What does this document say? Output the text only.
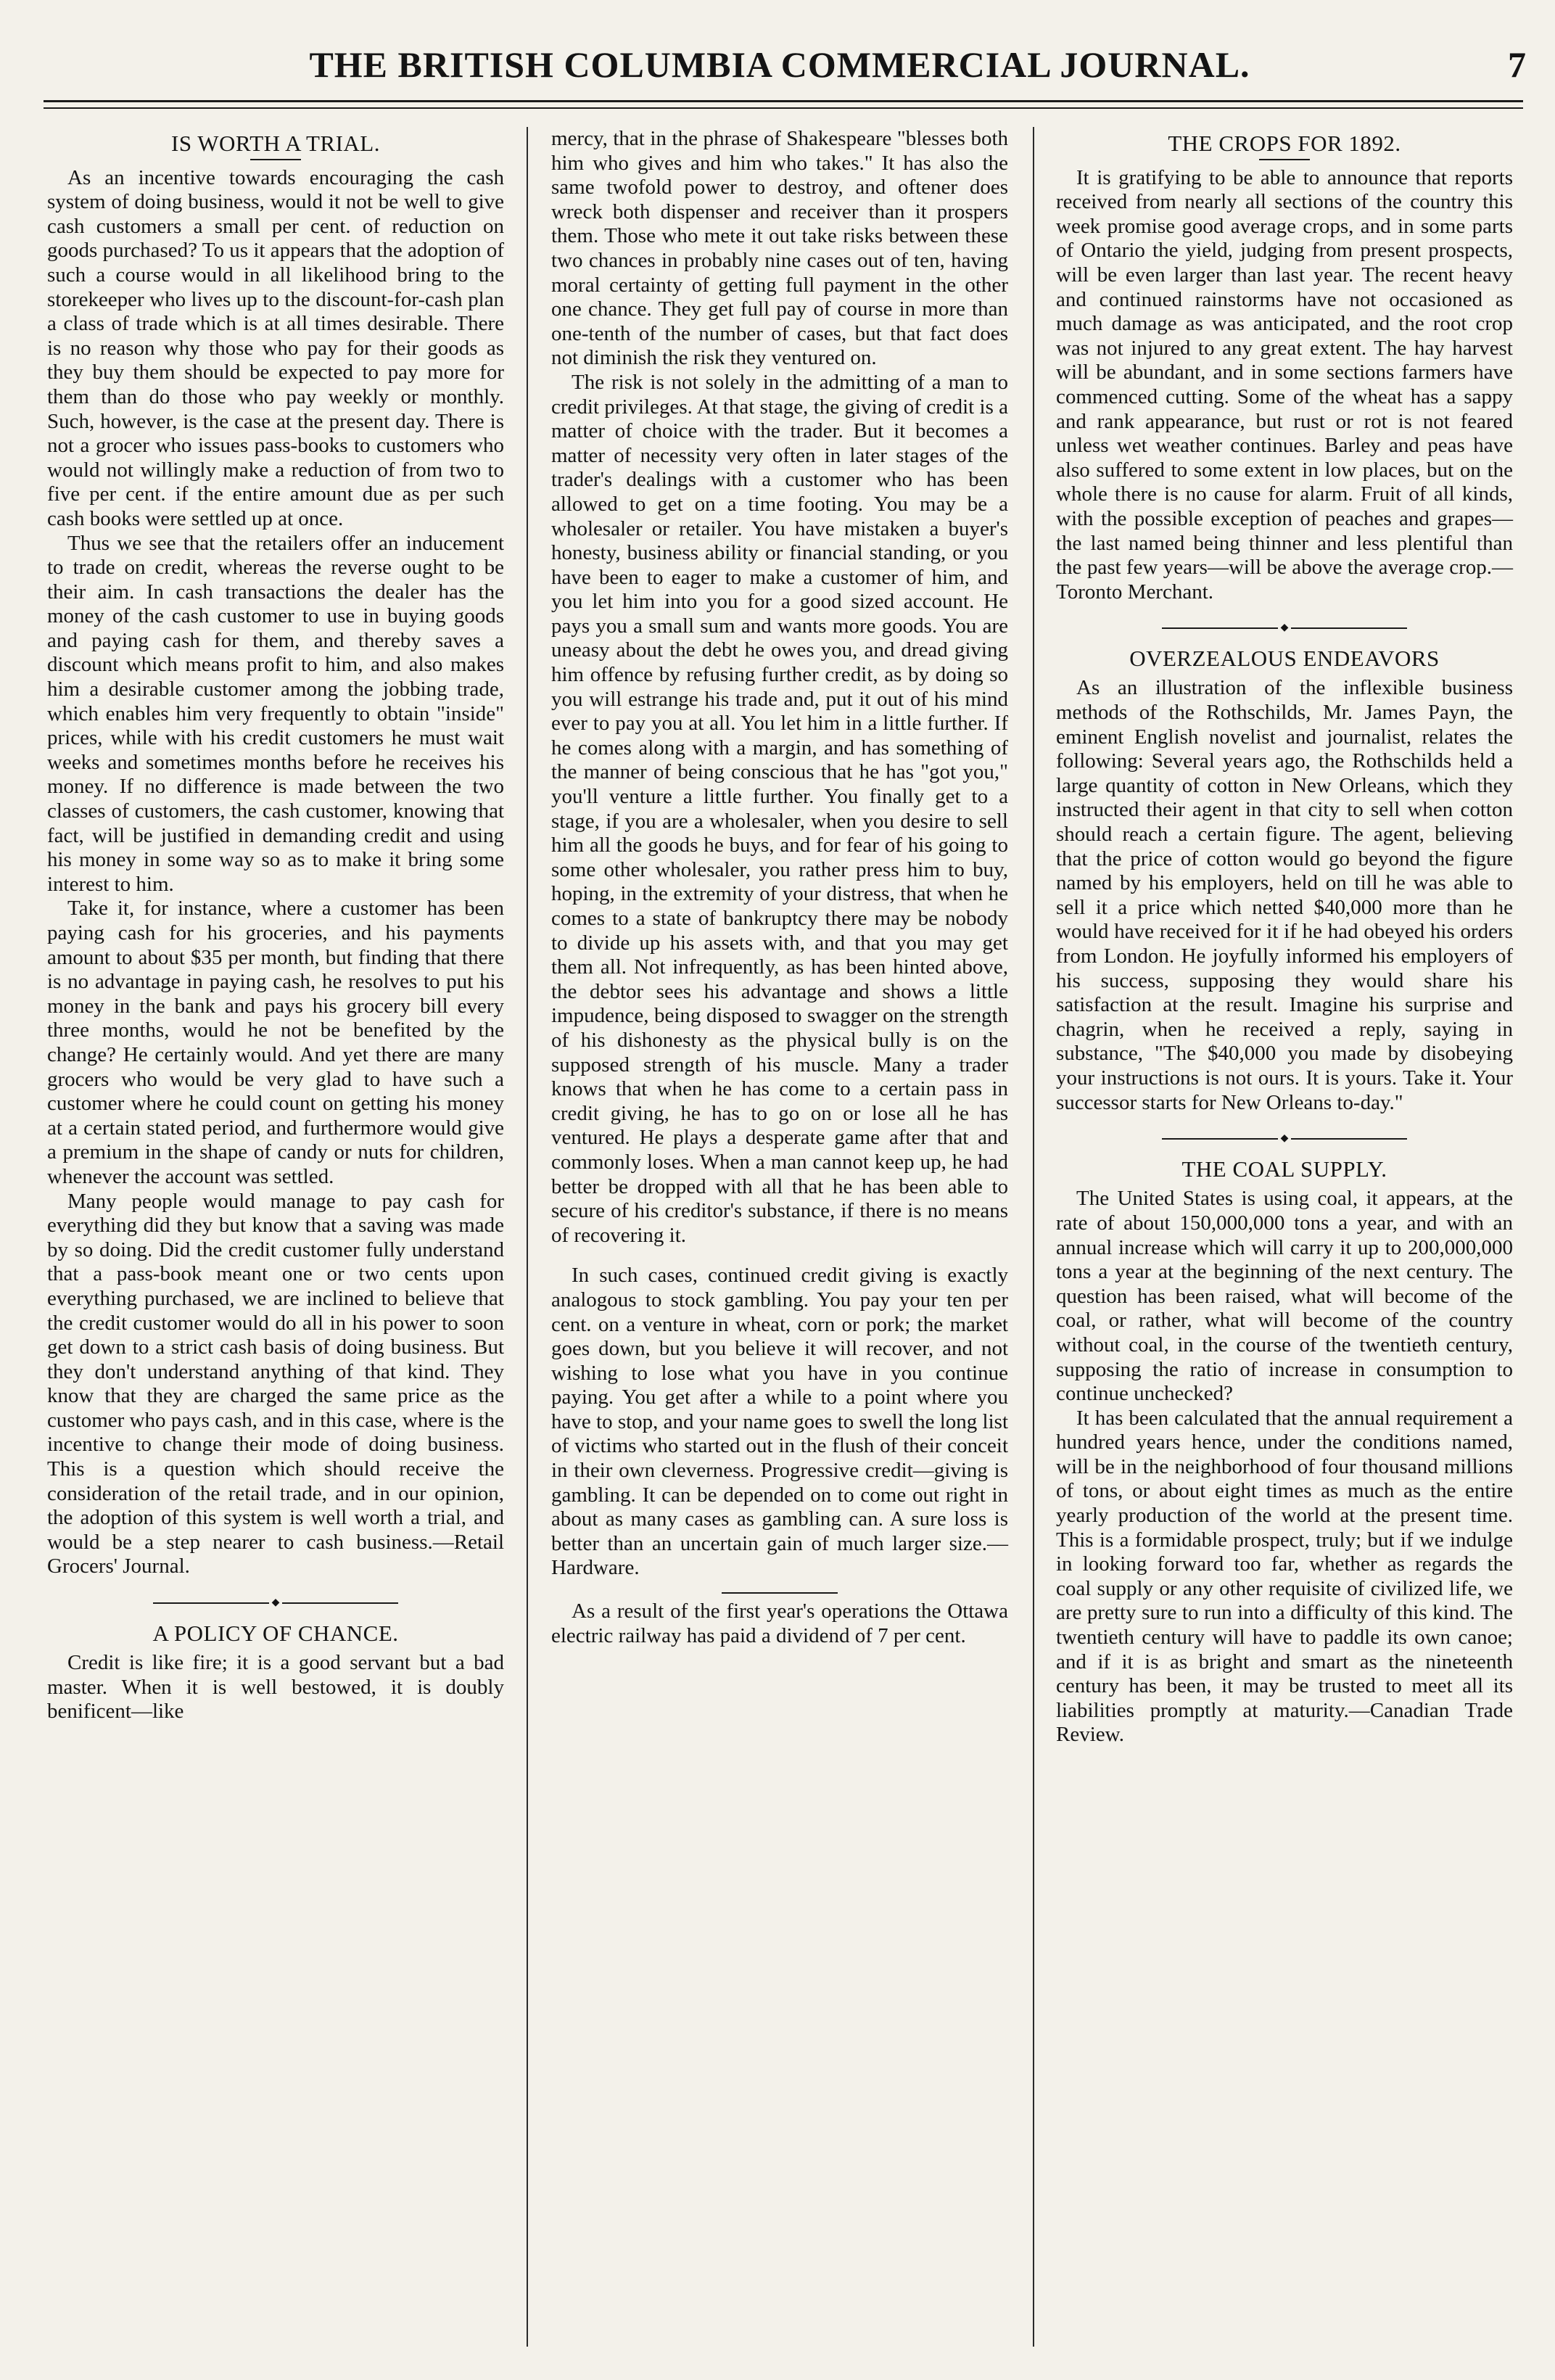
THE BRITISH COLUMBIA COMMERCIAL JOURNAL.	7
IS WORTH A TRIAL.

As an incentive towards encouraging the cash system of doing business, would it not be well to give cash customers a small per cent. of reduction on goods purchased? To us it appears that the adoption of such a course would in all likelihood bring to the storekeeper who lives up to the discount-for-cash plan a class of trade which is at all times desirable. There is no reason why those who pay for their goods as they buy them should be expected to pay more for them than do those who pay weekly or monthly. Such, however, is the case at the present day. There is not a grocer who issues pass-books to customers who would not willingly make a reduction of from two to five per cent. if the entire amount due as per such cash books were settled up at once.

Thus we see that the retailers offer an inducement to trade on credit, whereas the reverse ought to be their aim. In cash transactions the dealer has the money of the cash customer to use in buying goods and paying cash for them, and thereby saves a discount which means profit to him, and also makes him a desirable customer among the jobbing trade, which enables him very frequently to obtain "inside" prices, while with his credit customers he must wait weeks and sometimes months before he receives his money. If no difference is made between the two classes of customers, the cash customer, knowing that fact, will be justified in demanding credit and using his money in some way so as to make it bring some interest to him.

Take it, for instance, where a customer has been paying cash for his groceries, and his payments amount to about $35 per month, but finding that there is no advantage in paying cash, he resolves to put his money in the bank and pays his grocery bill every three months, would he not be benefited by the change? He certainly would. And yet there are many grocers who would be very glad to have such a customer where he could count on getting his money at a certain stated period, and furthermore would give a premium in the shape of candy or nuts for children, whenever the account was settled.

Many people would manage to pay cash for everything did they but know that a saving was made by so doing. Did the credit customer fully understand that a pass-book meant one or two cents upon everything purchased, we are inclined to believe that the credit customer would do all in his power to soon get down to a strict cash basis of doing business. But they don't understand anything of that kind. They know that they are charged the same price as the customer who pays cash, and in this case, where is the incentive to change their mode of doing business. This is a question which should receive the consideration of the retail trade, and in our opinion, the adoption of this system is well worth a trial, and would be a step nearer to cash business.—Retail Grocers' Journal.

◆
A POLICY OF CHANCE.

Credit is like fire; it is a good servant but a bad master. When it is well bestowed, it is doubly benificent—like

mercy, that in the phrase of Shakespeare "blesses both him who gives and him who takes." It has also the same twofold power to destroy, and oftener does wreck both dispenser and receiver than it prospers them. Those who mete it out take risks between these two chances in probably nine cases out of ten, having moral certainty of getting full payment in the other one chance. They get full pay of course in more than one-tenth of the number of cases, but that fact does not diminish the risk they ventured on.

The risk is not solely in the admitting of a man to credit privileges. At that stage, the giving of credit is a matter of choice with the trader. But it becomes a matter of necessity very often in later stages of the trader's dealings with a customer who has been allowed to get on a time footing. You may be a wholesaler or retailer. You have mistaken a buyer's honesty, business ability or financial standing, or you have been to eager to make a customer of him, and you let him into you for a good sized account. He pays you a small sum and wants more goods. You are uneasy about the debt he owes you, and dread giving him offence by refusing further credit, as by doing so you will estrange his trade and, put it out of his mind ever to pay you at all. You let him in a little further. If he comes along with a margin, and has something of the manner of being conscious that he has "got you," you'll venture a little further. You finally get to a stage, if you are a wholesaler, when you desire to sell him all the goods he buys, and for fear of his going to some other wholesaler, you rather press him to buy, hoping, in the extremity of your distress, that when he comes to a state of bankruptcy there may be nobody to divide up his assets with, and that you may get them all. Not infrequently, as has been hinted above, the debtor sees his advantage and shows a little impudence, being disposed to swagger on the strength of his dishonesty as the physical bully is on the supposed strength of his muscle. Many a trader knows that when he has come to a certain pass in credit giving, he has to go on or lose all he has ventured. He plays a desperate game after that and commonly loses. When a man cannot keep up, he had better be dropped with all that he has been able to secure of his creditor's substance, if there is no means of recovering it.

In such cases, continued credit giving is exactly analogous to stock gambling. You pay your ten per cent. on a venture in wheat, corn or pork; the market goes down, but you believe it will recover, and not wishing to lose what you have in you continue paying. You get after a while to a point where you have to stop, and your name goes to swell the long list of victims who started out in the flush of their conceit in their own cleverness. Progressive credit—giving is gambling. It can be depended on to come out right in about as many cases as gambling can. A sure loss is better than an uncertain gain of much larger size.—Hardware.

As a result of the first year's operations the Ottawa electric railway has paid a dividend of 7 per cent.

THE CROPS FOR 1892.

It is gratifying to be able to announce that reports received from nearly all sections of the country this week promise good average crops, and in some parts of Ontario the yield, judging from present prospects, will be even larger than last year. The recent heavy and continued rainstorms have not occasioned as much damage as was anticipated, and the root crop was not injured to any great extent. The hay harvest will be abundant, and in some sections farmers have commenced cutting. Some of the wheat has a sappy and rank appearance, but rust or rot is not feared unless wet weather continues. Barley and peas have also suffered to some extent in low places, but on the whole there is no cause for alarm. Fruit of all kinds, with the possible exception of peaches and grapes—the last named being thinner and less plentiful than the past few years—will be above the average crop.—Toronto Merchant.

◆
OVERZEALOUS ENDEAVORS

As an illustration of the inflexible business methods of the Rothschilds, Mr. James Payn, the eminent English novelist and journalist, relates the following: Several years ago, the Rothschilds held a large quantity of cotton in New Orleans, which they instructed their agent in that city to sell when cotton should reach a certain figure. The agent, believing that the price of cotton would go beyond the figure named by his employers, held on till he was able to sell it a price which netted $40,000 more than he would have received for it if he had obeyed his orders from London. He joyfully informed his employers of his success, supposing they would share his satisfaction at the result. Imagine his surprise and chagrin, when he received a reply, saying in substance, "The $40,000 you made by disobeying your instructions is not ours. It is yours. Take it. Your successor starts for New Orleans to-day."

◆
THE COAL SUPPLY.

The United States is using coal, it appears, at the rate of about 150,000,000 tons a year, and with an annual increase which will carry it up to 200,000,000 tons a year at the beginning of the next century. The question has been raised, what will become of the coal, or rather, what will become of the country without coal, in the course of the twentieth century, supposing the ratio of increase in consumption to continue unchecked?

It has been calculated that the annual requirement a hundred years hence, under the conditions named, will be in the neighborhood of four thousand millions of tons, or about eight times as much as the entire yearly production of the world at the present time. This is a formidable prospect, truly; but if we indulge in looking forward too far, whether as regards the coal supply or any other requisite of civilized life, we are pretty sure to run into a difficulty of this kind. The twentieth century will have to paddle its own canoe; and if it is as bright and smart as the nineteenth century has been, it may be trusted to meet all its liabilities promptly at maturity.—Canadian Trade Review.
